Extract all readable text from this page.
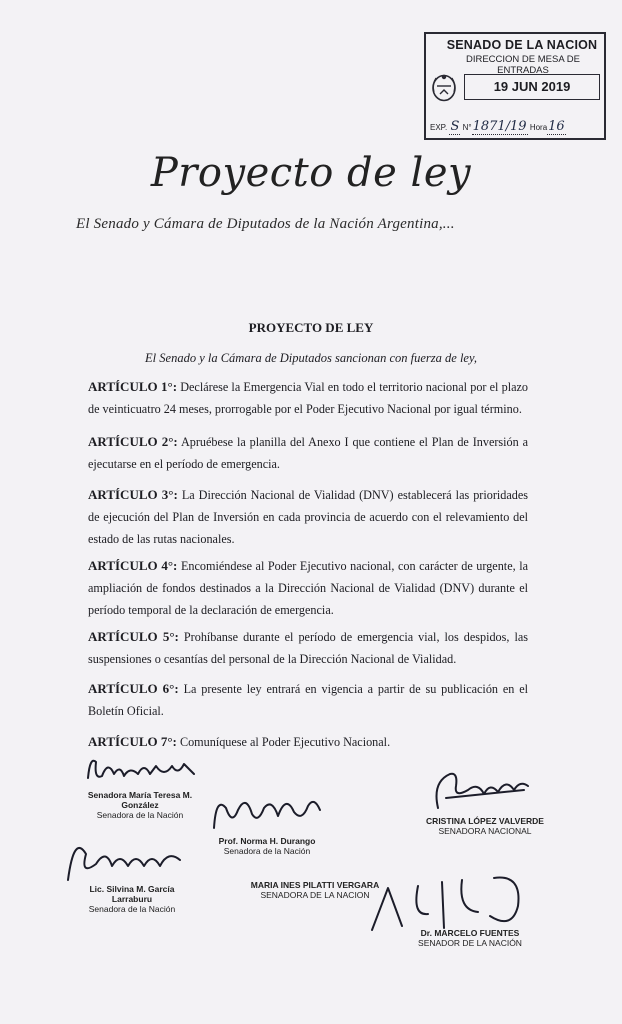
SENADO DE LA NACION
DIRECCION DE MESA DE ENTRADAS
19 JUN 2019
EXP. S N°1871/19 Hora16
Proyecto de ley
El Senado y Cámara de Diputados de la Nación Argentina,...
PROYECTO DE LEY
El Senado y la Cámara de Diputados sancionan con fuerza de ley,
ARTÍCULO 1°: Declárese la Emergencia Vial en todo el territorio nacional por el plazo de veinticuatro 24 meses, prorrogable por el Poder Ejecutivo Nacional por igual término.
ARTÍCULO 2°: Apruébese la planilla del Anexo I que contiene el Plan de Inversión a ejecutarse en el período de emergencia.
ARTÍCULO 3°: La Dirección Nacional de Vialidad (DNV) establecerá las prioridades de ejecución del Plan de Inversión en cada provincia de acuerdo con el relevamiento del estado de las rutas nacionales.
ARTÍCULO 4°: Encomiéndese al Poder Ejecutivo nacional, con carácter de urgente, la ampliación de fondos destinados a la Dirección Nacional de Vialidad (DNV) durante el período temporal de la declaración de emergencia.
ARTÍCULO 5°: Prohíbanse durante el período de emergencia vial, los despidos, las suspensiones o cesantías del personal de la Dirección Nacional de Vialidad.
ARTÍCULO 6°: La presente ley entrará en vigencia a partir de su publicación en el Boletín Oficial.
ARTÍCULO 7°: Comuníquese al Poder Ejecutivo Nacional.
Senadora María Teresa M. González
Senadora de la Nación
Prof. Norma H. Durango
Senadora de la Nación
CRISTINA LÓPEZ VALVERDE
SENADORA NACIONAL
Lic. Silvina M. García Larraburu
Senadora de la Nación
MARIA INES PILATTI VERGARA
SENADORA DE LA NACION
Dr. MARCELO FUENTES
SENADOR DE LA NACIÓN
